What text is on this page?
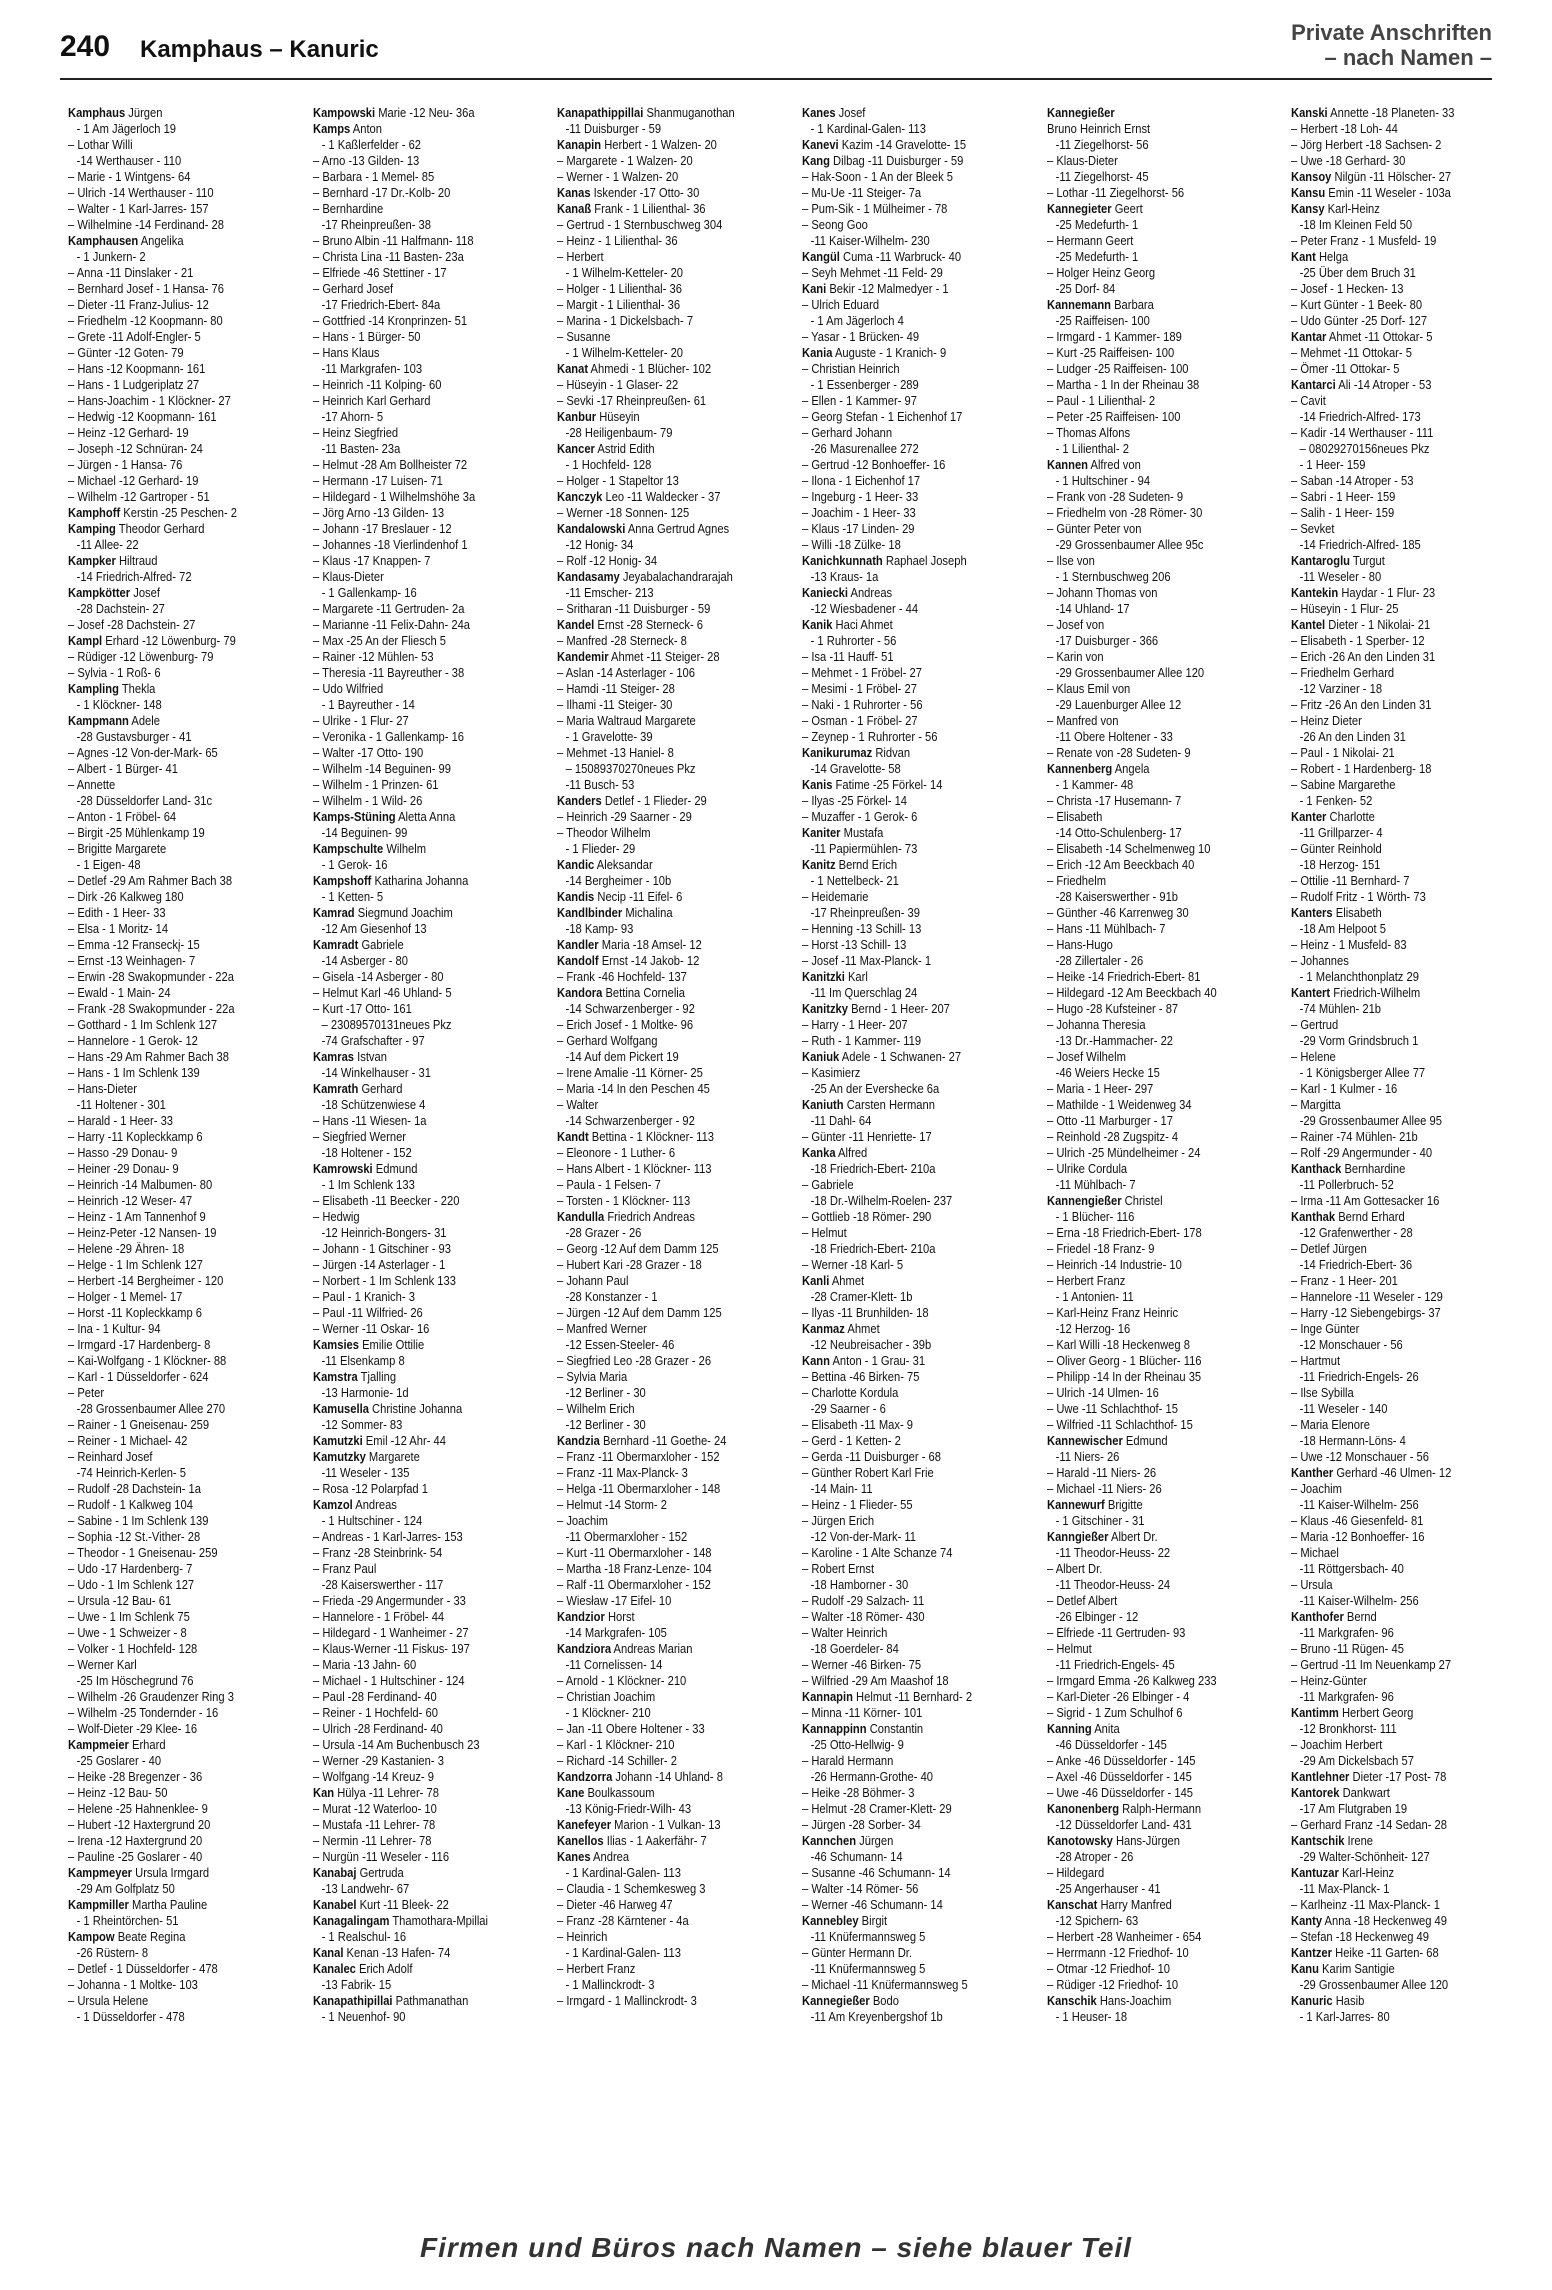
240 Kamphaus – Kanuric
Private Anschriften
– nach Namen –
Kamphaus Jürgen
- 1 Am Jägerloch 19
– Lothar Willi
-14 Werthauser - 110
– Marie - 1 Wintgens- 64
– Ulrich -14 Werthauser - 110
– Walter - 1 Karl-Jarres- 157
– Wilhelmine -14 Ferdinand- 28
Kamphausen Angelika
- 1 Junkern- 2
– Anna -11 Dinslaker - 21
– Bernhard Josef - 1 Hansa- 76
– Dieter -11 Franz-Julius- 12
– Friedhelm -12 Koopmann- 80
– Grete -11 Adolf-Engler- 5
– Günter -12 Goten- 79
– Hans -12 Koopmann- 161
– Hans - 1 Ludgeriplatz 27
– Hans-Joachim - 1 Klöckner- 27
– Hedwig -12 Koopmann- 161
– Heinz -12 Gerhard- 19
– Joseph -12 Schnüran- 24
– Jürgen - 1 Hansa- 76
– Michael -12 Gerhard- 19
– Wilhelm -12 Gartroper - 51
Kamphoff Kerstin -25 Peschen- 2
Kamping Theodor Gerhard
-11 Allee- 22
Kampker Hiltraud
-14 Friedrich-Alfred- 72
Kampkötter Josef
-28 Dachstein- 27
– Josef -28 Dachstein- 27
Kampl Erhard -12 Löwenburg- 79
– Rüdiger -12 Löwenburg- 79
– Sylvia - 1 Roß- 6
Kampling Thekla
- 1 Klöckner- 148
Kampmann Adele
-28 Gustavsburger - 41
– Agnes -12 Von-der-Mark- 65
– Albert - 1 Bürger- 41
– Annette
-28 Düsseldorfer Land- 31c
– Anton - 1 Fröbel- 64
– Birgit -25 Mühlenkamp 19
– Brigitte Margarete
- 1 Eigen- 48
– Detlef -29 Am Rahmer Bach 38
– Dirk -26 Kalkweg 180
– Edith - 1 Heer- 33
– Elsa - 1 Moritz- 14
– Emma -12 Franseckį- 15
– Ernst -13 Weinhagen- 7
– Erwin -28 Swakopmunder - 22a
– Ewald - 1 Main- 24
– Frank -28 Swakopmunder - 22a
– Gotthard - 1 Im Schlenk 127
– Hannelore - 1 Gerok- 12
– Hans -29 Am Rahmer Bach 38
– Hans - 1 Im Schlenk 139
– Hans-Dieter
-11 Holtener - 301
– Harald - 1 Heer- 33
– Harry -11 Kopleckkamp 6
– Hasso -29 Donau- 9
– Heiner -29 Donau- 9
– Heinrich -14 Malbumen- 80
– Heinrich -12 Weser- 47
– Heinz - 1 Am Tannenhof 9
– Heinz-Peter -12 Nansen- 19
– Helene -29 Ähren- 18
– Helge - 1 Im Schlenk 127
– Herbert -14 Bergheimer - 120
– Holger - 1 Memel- 17
– Horst -11 Kopleckkamp 6
– Ina - 1 Kultur- 94
– Irmgard -17 Hardenberg- 8
– Kai-Wolfgang - 1 Klöckner- 88
– Karl - 1 Düsseldorfer - 624
– Peter
-28 Grossenbaumer Allee 270
– Rainer - 1 Gneisenau- 259
– Reiner - 1 Michael- 42
– Reinhard Josef
-74 Heinrich-Kerlen- 5
– Rudolf -28 Dachstein- 1a
– Rudolf - 1 Kalkweg 104
– Sabine - 1 Im Schlenk 139
– Sophia -12 St.-Vither- 28
– Theodor - 1 Gneisenau- 259
– Udo -17 Hardenberg- 7
– Udo - 1 Im Schlenk 127
– Ursula -12 Bau- 61
– Uwe - 1 Im Schlenk 75
– Uwe - 1 Schweizer - 8
– Volker - 1 Hochfeld- 128
– Werner Karl
-25 Im Höschegrund 76
– Wilhelm -26 Graudenzer Ring 3
– Wilhelm -25 Tondernder - 16
– Wolf-Dieter -29 Klee- 16
Kampmeier Erhard
-25 Goslarer - 40
– Heike -28 Bregenzer - 36
– Heinz -12 Bau- 50
– Helene -25 Hahnenklee- 9
– Hubert -12 Haxtergrund 20
– Irena -12 Haxtergrund 20
– Pauline -25 Goslarer - 40
Kampmeyer Ursula Irmgard
-29 Am Golfplatz 50
Kampmiller Martha Pauline
- 1 Rheintörchen- 51
Kampow Beate Regina
-26 Rüstern- 8
– Detlef - 1 Düsseldorfer - 478
– Johanna - 1 Moltke- 103
– Ursula Helene
- 1 Düsseldorfer - 478
Kampowski Marie -12 Neu- 36a
Kamps Anton
- 1 Kaßlerfelder - 62
– Arno -13 Gilden- 13
– Barbara - 1 Memel- 85
– Bernhard -17 Dr.-Kolb- 20
– Bernhardine
-17 Rheinpreußen- 38
– Bruno Albin -11 Halfmann- 118
– Christa Lina -11 Basten- 23a
– Elfriede -46 Stettiner - 17
– Gerhard Josef
-17 Friedrich-Ebert- 84a
– Gottfried -14 Kronprinzen- 51
– Hans - 1 Bürger- 50
– Hans Klaus
-11 Markgrafen- 103
– Heinrich -11 Kolping- 60
– Heinrich Karl Gerhard
-17 Ahorn- 5
– Heinz Siegfried
-11 Basten- 23a
– Helmut -28 Am Bollheister 72
– Hermann -17 Luisen- 71
– Hildegard - 1 Wilhelmshöhe 3a
– Jörg Arno -13 Gilden- 13
– Johann -17 Breslauer - 12
– Johannes -18 Vierlindenhof 1
– Klaus -17 Knappen- 7
– Klaus-Dieter
- 1 Gallenkamp- 16
– Margarete -11 Gertruden- 2a
– Marianne -11 Felix-Dahn- 24a
– Max -25 An der Fliesch 5
– Rainer -12 Mühlen- 53
– Theresia -11 Bayreuther - 38
– Udo Wilfried
- 1 Bayreuther - 14
– Ulrike - 1 Flur- 27
– Veronika - 1 Gallenkamp- 16
– Walter -17 Otto- 190
– Wilhelm -14 Beguinen- 99
– Wilhelm - 1 Prinzen- 61
– Wilhelm - 1 Wild- 26
Kamps-Stüning Aletta Anna
-14 Beguinen- 99
Kampschulte Wilhelm
- 1 Gerok- 16
Kampshoff Katharina Johanna
- 1 Ketten- 5
Kamrad Siegmund Joachim
-12 Am Giesenhof 13
Kamradt Gabriele
-14 Asberger - 80
– Gisela -14 Asberger - 80
– Helmut Karl -46 Uhland- 5
– Kurt -17 Otto- 161
– 23089570131neues Pkz
-74 Grafschafter - 97
Kamras Istvan
-14 Winkelhauser - 31
Kamrath Gerhard
-18 Schützenwiese 4
– Hans -11 Wiesen- 1a
– Siegfried Werner
-18 Holtener - 152
Kamrowski Edmund
- 1 Im Schlenk 133
– Elisabeth -11 Beecker - 220
– Hedwig
-12 Heinrich-Bongers- 31
– Johann - 1 Gitschiner - 93
– Jürgen -14 Asterlager - 1
– Norbert - 1 Im Schlenk 133
– Paul - 1 Kranich- 3
– Paul -11 Wilfried- 26
– Werner -11 Oskar- 16
Kamsies Emilie Ottilie
-11 Elsenkamp 8
Kamstra Tjalling
-13 Harmonie- 1d
Kamusella Christine Johanna
-12 Sommer- 83
Kamutzki Emil -12 Ahr- 44
Kamutzky Margarete
-11 Weseler - 135
– Rosa -12 Polarpfad 1
Kamzol Andreas
- 1 Hultschiner - 124
– Andreas - 1 Karl-Jarres- 153
– Franz -28 Steinbrink- 54
– Franz Paul
-28 Kaiserswerther - 117
– Frieda -29 Angermunder - 33
– Hannelore - 1 Fröbel- 44
– Hildegard - 1 Wanheimer - 27
– Klaus-Werner -11 Fiskus- 197
– Maria -13 Jahn- 60
– Michael - 1 Hultschiner - 124
– Paul -28 Ferdinand- 40
– Reiner - 1 Hochfeld- 60
– Ulrich -28 Ferdinand- 40
– Ursula -14 Am Buchenbusch 23
– Werner -29 Kastanien- 3
– Wolfgang -14 Kreuz- 9
Kan Hülya -11 Lehrer- 78
– Murat -12 Waterloo- 10
– Mustafa -11 Lehrer- 78
– Nermin -11 Lehrer- 78
– Nurgün -11 Weseler - 116
Kanabaj Gertruda
-13 Landwehr- 67
Kanabel Kurt -11 Bleek- 22
Kanagalingam Thamothara-Mpillai
- 1 Realschul- 16
Kanal Kenan -13 Hafen- 74
Kanalec Erich Adolf
-13 Fabrik- 15
Kanapathipillai Pathmanathan
- 1 Neuenhof- 90
Kanapathippillai Shanmuganothan
-11 Duisburger - 59
Kanapin Herbert - 1 Walzen- 20
– Margarete - 1 Walzen- 20
– Werner - 1 Walzen- 20
Kanas Iskender -17 Otto- 30
Kanaß Frank - 1 Lilienthal- 36
– Gertrud - 1 Sternbuschweg 304
– Heinz - 1 Lilienthal- 36
– Herbert
- 1 Wilhelm-Ketteler- 20
– Holger - 1 Lilienthal- 36
– Margit - 1 Lilienthal- 36
– Marina - 1 Dickelsbach- 7
– Susanne
- 1 Wilhelm-Ketteler- 20
Kanat Ahmedi - 1 Blücher- 102
– Hüseyin - 1 Glaser- 22
– Sevki -17 Rheinpreußen- 61
Kanbur Hüseyin
-28 Heiligenbaum- 79
Kancer Astrid Edith
- 1 Hochfeld- 128
– Holger - 1 Stapeltor 13
Kanczyk Leo -11 Waldecker - 37
– Werner -18 Sonnen- 125
Kandalowski Anna Gertrud Agnes
-12 Honig- 34
– Rolf -12 Honig- 34
Kandasamy Jeyabalachandrarajah
-11 Emscher- 213
– Sritharan -11 Duisburger - 59
Kandel Ernst -28 Sterneck- 6
– Manfred -28 Sterneck- 8
Kandemir Ahmet -11 Steiger- 28
– Aslan -14 Asterlager - 106
– Hamdi -11 Steiger- 28
– Ilhami -11 Steiger- 30
– Maria Waltraud Margarete
- 1 Gravelotte- 39
– Mehmet -13 Haniel- 8
– 15089370270neues Pkz
-11 Busch- 53
Kanders Detlef - 1 Flieder- 29
– Heinrich -29 Saarner - 29
– Theodor Wilhelm
- 1 Flieder- 29
Kandic Aleksandar
-14 Bergheimer - 10b
Kandis Necip -11 Eifel- 6
Kandlbinder Michalina
-18 Kamp- 93
Kandler Maria -18 Amsel- 12
Kandolf Ernst -14 Jakob- 12
– Frank -46 Hochfeld- 137
Kandora Bettina Cornelia
-14 Schwarzenberger - 92
– Erich Josef - 1 Moltke- 96
– Gerhard Wolfgang
-14 Auf dem Pickert 19
– Irene Amalie -11 Körner- 25
– Maria -14 In den Peschen 45
– Walter
-14 Schwarzenberger - 92
Kandt Bettina - 1 Klöckner- 113
– Eleonore - 1 Luther- 6
– Hans Albert - 1 Klöckner- 113
– Paula - 1 Felsen- 7
– Torsten - 1 Klöckner- 113
Kandulla Friedrich Andreas
-28 Grazer - 26
– Georg -12 Auf dem Damm 125
– Hubert Kari -28 Grazer - 18
– Johann Paul
-28 Konstanzer - 1
– Jürgen -12 Auf dem Damm 125
– Manfred Werner
-12 Essen-Steeler- 46
– Siegfried Leo -28 Grazer - 26
– Sylvia Maria
-12 Berliner - 30
– Wilhelm Erich
-12 Berliner - 30
Kandzia Bernhard -11 Goethe- 24
– Franz -11 Obermarxloher - 152
– Franz -11 Max-Planck- 3
– Helga -11 Obermarxloher - 148
– Helmut -14 Storm- 2
– Joachim
-11 Obermarxloher - 152
– Kurt -11 Obermarxloher - 148
– Martha -18 Franz-Lenze- 104
– Ralf -11 Obermarxloher - 152
– Wiesław -17 Eifel- 10
Kandzior Horst
-14 Markgrafen- 105
Kandziora Andreas Marian
-11 Cornelissen- 14
– Arnold - 1 Klöckner- 210
– Christian Joachim
- 1 Klöckner- 210
– Jan -11 Obere Holtener - 33
– Karl - 1 Klöckner- 210
– Richard -14 Schiller- 2
Kandzorra Johann -14 Uhland- 8
Kane Boulkassoum
-13 König-Friedr-Wilh- 43
Kanefeyer Marion - 1 Vulkan- 13
Kanellos Ilias - 1 Aakerfähr- 7
Kanes Andrea
- 1 Kardinal-Galen- 113
– Claudia - 1 Schemkesweg 3
– Dieter -46 Harweg 47
– Franz -28 Kärntener - 4a
– Heinrich
- 1 Kardinal-Galen- 113
– Herbert Franz
- 1 Mallinckrodt- 3
– Irmgard - 1 Mallinckrodt- 3
Kanes Josef
- 1 Kardinal-Galen- 113
Kanevi Kazim -14 Gravelotte- 15
Kang Dilbag -11 Duisburger - 59
– Hak-Soon - 1 An der Bleek 5
– Mu-Ue -11 Steiger- 7a
– Pum-Sik - 1 Mülheimer - 78
– Seong Goo
-11 Kaiser-Wilhelm- 230
Kangül Cuma -11 Warbruck- 40
– Seyh Mehmet -11 Feld- 29
Kani Bekir -12 Malmedyer - 1
– Ulrich Eduard
- 1 Am Jägerloch 4
– Yasar - 1 Brücken- 49
Kania Auguste - 1 Kranich- 9
– Christian Heinrich
- 1 Essenberger - 289
– Ellen - 1 Kammer- 97
– Georg Stefan - 1 Eichenhof 17
– Gerhard Johann
-26 Masurenallee 272
– Gertrud -12 Bonhoeffer- 16
– Ilona - 1 Eichenhof 17
– Ingeburg - 1 Heer- 33
– Joachim - 1 Heer- 33
– Klaus -17 Linden- 29
– Willi -18 Zülke- 18
Kanichkunnath Raphael Joseph
-13 Kraus- 1a
Kaniecki Andreas
-12 Wiesbadener - 44
Kanik Haci Ahmet
- 1 Ruhrorter - 56
– Isa -11 Hauff- 51
– Mehmet - 1 Fröbel- 27
– Mesimi - 1 Fröbel- 27
– Naki - 1 Ruhrorter - 56
– Osman - 1 Fröbel- 27
– Zeynep - 1 Ruhrorter - 56
Kanikurumaz Ridvan
-14 Gravelotte- 58
Kanis Fatime -25 Förkel- 14
– Ilyas -25 Förkel- 14
– Muzaffer - 1 Gerok- 6
Kaniter Mustafa
-11 Papiermühlen- 73
Kanitz Bernd Erich
- 1 Nettelbeck- 21
– Heidemarie
-17 Rheinpreußen- 39
– Henning -13 Schill- 13
– Horst -13 Schill- 13
– Josef -11 Max-Planck- 1
Kanitzki Karl
-11 Im Querschlag 24
Kanitzky Bernd - 1 Heer- 207
– Harry - 1 Heer- 207
– Ruth - 1 Kammer- 119
Kaniuk Adele - 1 Schwanen- 27
– Kasimierz
-25 An der Evershecke 6a
Kaniuth Carsten Hermann
-11 Dahl- 64
– Günter -11 Henriette- 17
Kanka Alfred
-18 Friedrich-Ebert- 210a
– Gabriele
-18 Dr.-Wilhelm-Roelen- 237
– Gottlieb -18 Römer- 290
– Helmut
-18 Friedrich-Ebert- 210a
– Werner -18 Karl- 5
Kanli Ahmet
-28 Cramer-Klett- 1b
– Ilyas -11 Brunhilden- 18
Kanmaz Ahmet
-12 Neubreisacher - 39b
Kann Anton - 1 Grau- 31
– Bettina -46 Birken- 75
– Charlotte Kordula
-29 Saarner - 6
– Elisabeth -11 Max- 9
– Gerd - 1 Ketten- 2
– Gerda -11 Duisburger - 68
– Günther Robert Karl Frie
-14 Main- 11
– Heinz - 1 Flieder- 55
– Jürgen Erich
-12 Von-der-Mark- 11
– Karoline - 1 Alte Schanze 74
– Robert Ernst
-18 Hamborner - 30
– Rudolf -29 Salzach- 11
– Walter -18 Römer- 430
– Walter Heinrich
-18 Goerdeler- 84
– Werner -46 Birken- 75
– Wilfried -29 Am Maashof 18
Kannapin Helmut -11 Bernhard- 2
– Minna -11 Körner- 101
Kannappinn Constantin
-25 Otto-Hellwig- 9
– Harald Hermann
-26 Hermann-Grothe- 40
– Heike -28 Böhmer- 3
– Helmut -28 Cramer-Klett- 29
– Jürgen -28 Sorber- 34
Kannchen Jürgen
-46 Schumann- 14
– Susanne -46 Schumann- 14
– Walter -14 Römer- 56
– Werner -46 Schumann- 14
Kannebley Birgit
-11 Knüfermannsweg 5
– Günter Hermann Dr.
-11 Knüfermannsweg 5
– Michael -11 Knüfermannsweg 5
Kannegießer Bodo
-11 Am Kreyenbergshof 1b
Kannegießer
Bruno Heinrich Ernst
-11 Ziegelhorst- 56
– Klaus-Dieter
-11 Ziegelhorst- 45
– Lothar -11 Ziegelhorst- 56
Kannegieter Geert
-25 Medefurth- 1
– Hermann Geert
-25 Medefurth- 1
– Holger Heinz Georg
-25 Dorf- 84
Kannemann Barbara
-25 Raiffeisen- 100
– Irmgard - 1 Kammer- 189
– Kurt -25 Raiffeisen- 100
– Ludger -25 Raiffeisen- 100
– Martha - 1 In der Rheinau 38
– Paul - 1 Lilienthal- 2
– Peter -25 Raiffeisen- 100
– Thomas Alfons
- 1 Lilienthal- 2
Kannen Alfred von
- 1 Hultschiner - 94
– Frank von -28 Sudeten- 9
– Friedhelm von -28 Römer- 30
– Günter Peter von
-29 Grossenbaumer Allee 95c
– Ilse von
- 1 Sternbuschweg 206
– Johann Thomas von
-14 Uhland- 17
– Josef von
-17 Duisburger - 366
– Karin von
-29 Grossenbaumer Allee 120
– Klaus Emil von
-29 Lauenburger Allee 12
– Manfred von
-11 Obere Holtener - 33
– Renate von -28 Sudeten- 9
Kannenberg Angela
- 1 Kammer- 48
– Christa -17 Husemann- 7
– Elisabeth
-14 Otto-Schulenberg- 17
– Elisabeth -14 Schelmenweg 10
– Erich -12 Am Beeckbach 40
– Friedhelm
-28 Kaiserswerther - 91b
– Günther -46 Karrenweg 30
– Hans -11 Mühlbach- 7
– Hans-Hugo
-28 Zillertaler - 26
– Heike -14 Friedrich-Ebert- 81
– Hildegard -12 Am Beeckbach 40
– Hugo -28 Kufsteiner - 87
– Johanna Theresia
-13 Dr.-Hammacher- 22
– Josef Wilhelm
-46 Weiers Hecke 15
– Maria - 1 Heer- 297
– Mathilde - 1 Weidenweg 34
– Otto -11 Marburger - 17
– Reinhold -28 Zugspitz- 4
– Ulrich -25 Mündelheimer - 24
– Ulrike Cordula
-11 Mühlbach- 7
Kannengießer Christel
- 1 Blücher- 116
– Erna -18 Friedrich-Ebert- 178
– Friedel -18 Franz- 9
– Heinrich -14 Industrie- 10
– Herbert Franz
- 1 Antonien- 11
– Karl-Heinz Franz Heinric
-12 Herzog- 16
– Karl Willi -18 Heckenweg 8
– Oliver Georg - 1 Blücher- 116
– Philipp -14 In der Rheinau 35
– Ulrich -14 Ulmen- 16
– Uwe -11 Schlachthof- 15
– Wilfried -11 Schlachthof- 15
Kannewischer Edmund
-11 Niers- 26
– Harald -11 Niers- 26
– Michael -11 Niers- 26
Kannewurf Brigitte
- 1 Gitschiner - 31
Kanngießer Albert Dr.
-11 Theodor-Heuss- 22
– Albert Dr.
-11 Theodor-Heuss- 24
– Detlef Albert
-26 Elbinger - 12
– Elfriede -11 Gertruden- 93
– Helmut
-11 Friedrich-Engels- 45
– Irmgard Emma -26 Kalkweg 233
– Karl-Dieter -26 Elbinger - 4
– Sigrid - 1 Zum Schulhof 6
Kanning Anita
-46 Düsseldorfer - 145
– Anke -46 Düsseldorfer - 145
– Axel -46 Düsseldorfer - 145
– Uwe -46 Düsseldorfer - 145
Kanonenberg Ralph-Hermann
-12 Düsseldorfer Land- 431
Kanotowsky Hans-Jürgen
-28 Atroper - 26
– Hildegard
-25 Angerhauser - 41
Kanschat Harry Manfred
-12 Spichern- 63
– Herbert -28 Wanheimer - 654
– Herrmann -12 Friedhof- 10
– Otmar -12 Friedhof- 10
– Rüdiger -12 Friedhof- 10
Kanschik Hans-Joachim
- 1 Heuser- 18
Kanski Annette -18 Planeten- 33
– Herbert -18 Loh- 44
– Jörg Herbert -18 Sachsen- 2
– Uwe -18 Gerhard- 30
Kansoy Nilgün -11 Hölscher- 27
Kansu Emin -11 Weseler - 103a
Kansy Karl-Heinz
-18 Im Kleinen Feld 50
– Peter Franz - 1 Musfeld- 19
Kant Helga
-25 Über dem Bruch 31
– Josef - 1 Hecken- 13
– Kurt Günter - 1 Beek- 80
– Udo Günter -25 Dorf- 127
Kantar Ahmet -11 Ottokar- 5
– Mehmet -11 Ottokar- 5
– Ömer -11 Ottokar- 5
Kantarci Ali -14 Atroper - 53
– Cavit
-14 Friedrich-Alfred- 173
– Kadir -14 Werthauser - 111
– 08029270156neues Pkz
- 1 Heer- 159
– Saban -14 Atroper - 53
– Sabri - 1 Heer- 159
– Salih - 1 Heer- 159
– Sevket
-14 Friedrich-Alfred- 185
Kantaroglu Turgut
-11 Weseler - 80
Kantekin Haydar - 1 Flur- 23
– Hüseyin - 1 Flur- 25
Kantel Dieter - 1 Nikolai- 21
– Elisabeth - 1 Sperber- 12
– Erich -26 An den Linden 31
– Friedhelm Gerhard
-12 Varziner - 18
– Fritz -26 An den Linden 31
– Heinz Dieter
-26 An den Linden 31
– Paul - 1 Nikolai- 21
– Robert - 1 Hardenberg- 18
– Sabine Margarethe
- 1 Fenken- 52
Kanter Charlotte
-11 Grillparzer- 4
– Günter Reinhold
-18 Herzog- 151
– Ottilie -11 Bernhard- 7
– Rudolf Fritz - 1 Wörth- 73
Kanters Elisabeth
-18 Am Helpoot 5
– Heinz - 1 Musfeld- 83
– Johannes
- 1 Melanchthonplatz 29
Kantert Friedrich-Wilhelm
-74 Mühlen- 21b
– Gertrud
-29 Vorm Grindsbruch 1
– Helene
- 1 Königsberger Allee 77
– Karl - 1 Kulmer - 16
– Margitta
-29 Grossenbaumer Allee 95
– Rainer -74 Mühlen- 21b
– Rolf -29 Angermunder - 40
Kanthack Bernhardine
-11 Pollerbruch- 52
– Irma -11 Am Gottesacker 16
Kanthak Bernd Erhard
-12 Grafenwerther - 28
– Detlef Jürgen
-14 Friedrich-Ebert- 36
– Franz - 1 Heer- 201
– Hannelore -11 Weseler - 129
– Harry -12 Siebengebirgs- 37
– Inge Günter
-12 Monschauer - 56
– Hartmut
-11 Friedrich-Engels- 26
– Ilse Sybilla
-11 Weseler - 140
– Maria Elenore
-18 Hermann-Löns- 4
– Uwe -12 Monschauer - 56
Kanther Gerhard -46 Ulmen- 12
– Joachim
-11 Kaiser-Wilhelm- 256
– Klaus -46 Giesenfeld- 81
– Maria -12 Bonhoeffer- 16
– Michael
-11 Röttgersbach- 40
– Ursula
-11 Kaiser-Wilhelm- 256
Kanthofer Bernd
-11 Markgrafen- 96
– Bruno -11 Rügen- 45
– Gertrud -11 Im Neuenkamp 27
– Heinz-Günter
-11 Markgrafen- 96
Kantimm Herbert Georg
-12 Bronkhorst- 111
– Joachim Herbert
-29 Am Dickelsbach 57
Kantlehner Dieter -17 Post- 78
Kantorek Dankwart
-17 Am Flutgraben 19
– Gerhard Franz -14 Sedan- 28
Kantschik Irene
-29 Walter-Schönheit- 127
Kantuzar Karl-Heinz
-11 Max-Planck- 1
– Karlheinz -11 Max-Planck- 1
Kanty Anna -18 Heckenweg 49
– Stefan -18 Heckenweg 49
Kantzer Heike -11 Garten- 68
Kanu Karim Santigie
-29 Grossenbaumer Allee 120
Kanuric Hasib
- 1 Karl-Jarres- 80
Firmen und Büros nach Namen – siehe blauer Teil
